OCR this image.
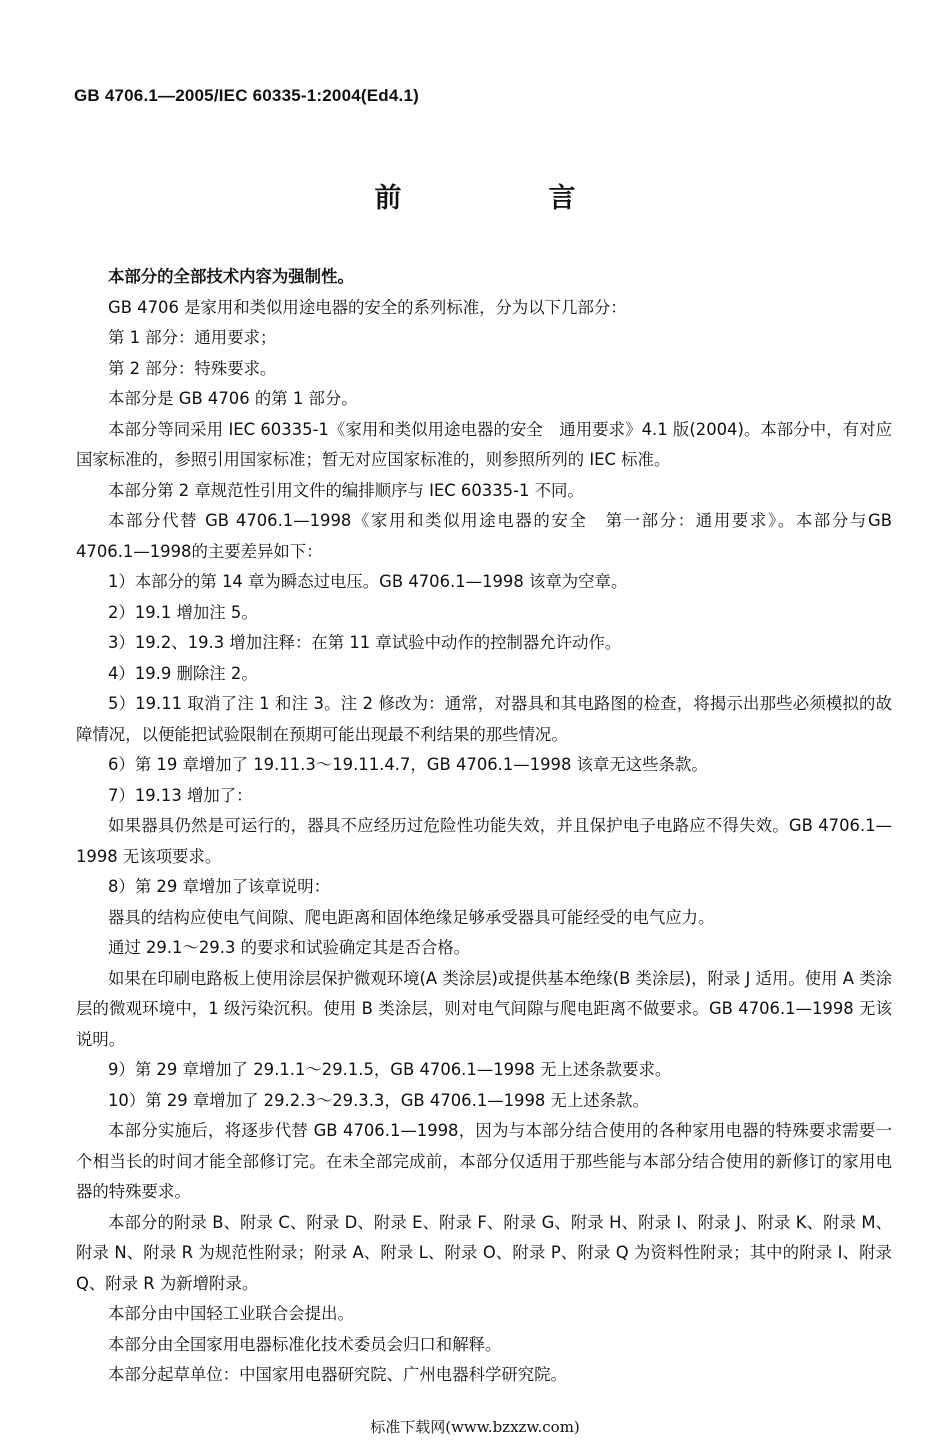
GB 4706.1—2005/IEC 60335-1:2004(Ed4.1)
前　言

本部分的全部技术内容为强制性。

GB 4706 是家用和类似用途电器的安全的系列标准，分为以下几部分：

第 1 部分：通用要求；

第 2 部分：特殊要求。

本部分是 GB 4706 的第 1 部分。

本部分等同采用 IEC 60335-1《家用和类似用途电器的安全　通用要求》4.1 版(2004)。本部分中，有对应国家标准的，参照引用国家标准；暂无对应国家标准的，则参照所列的 IEC 标准。

本部分第 2 章规范性引用文件的编排顺序与 IEC 60335-1 不同。

本部分代替 GB 4706.1—1998《家用和类似用途电器的安全　第一部分：通用要求》。本部分与GB 4706.1—1998的主要差异如下：

1）本部分的第 14 章为瞬态过电压。GB 4706.1—1998 该章为空章。

2）19.1 增加注 5。

3）19.2、19.3 增加注释：在第 11 章试验中动作的控制器允许动作。

4）19.9 删除注 2。

5）19.11 取消了注 1 和注 3。注 2 修改为：通常，对器具和其电路图的检查，将揭示出那些必须模拟的故障情况，以便能把试验限制在预期可能出现最不利结果的那些情况。

6）第 19 章增加了 19.11.3～19.11.4.7，GB 4706.1—1998 该章无这些条款。

7）19.13 增加了：

如果器具仍然是可运行的，器具不应经历过危险性功能失效，并且保护电子电路应不得失效。GB 4706.1—1998 无该项要求。

8）第 29 章增加了该章说明：

器具的结构应使电气间隙、爬电距离和固体绝缘足够承受器具可能经受的电气应力。

通过 29.1～29.3 的要求和试验确定其是否合格。

如果在印刷电路板上使用涂层保护微观环境(A 类涂层)或提供基本绝缘(B 类涂层)，附录 J 适用。使用 A 类涂层的微观环境中，1 级污染沉积。使用 B 类涂层，则对电气间隙与爬电距离不做要求。GB 4706.1—1998 无该说明。

9）第 29 章增加了 29.1.1～29.1.5，GB 4706.1—1998 无上述条款要求。

10）第 29 章增加了 29.2.3～29.3.3，GB 4706.1—1998 无上述条款。

本部分实施后，将逐步代替 GB 4706.1—1998，因为与本部分结合使用的各种家用电器的特殊要求需要一个相当长的时间才能全部修订完。在未全部完成前，本部分仅适用于那些能与本部分结合使用的新修订的家用电器的特殊要求。

本部分的附录 B、附录 C、附录 D、附录 E、附录 F、附录 G、附录 H、附录 I、附录 J、附录 K、附录 M、附录 N、附录 R 为规范性附录；附录 A、附录 L、附录 O、附录 P、附录 Q 为资料性附录；其中的附录 I、附录 Q、附录 R 为新增附录。

本部分由中国轻工业联合会提出。

本部分由全国家用电器标准化技术委员会归口和解释。

本部分起草单位：中国家用电器研究院、广州电器科学研究院。

标准下载网(www.bzxzw.com)
